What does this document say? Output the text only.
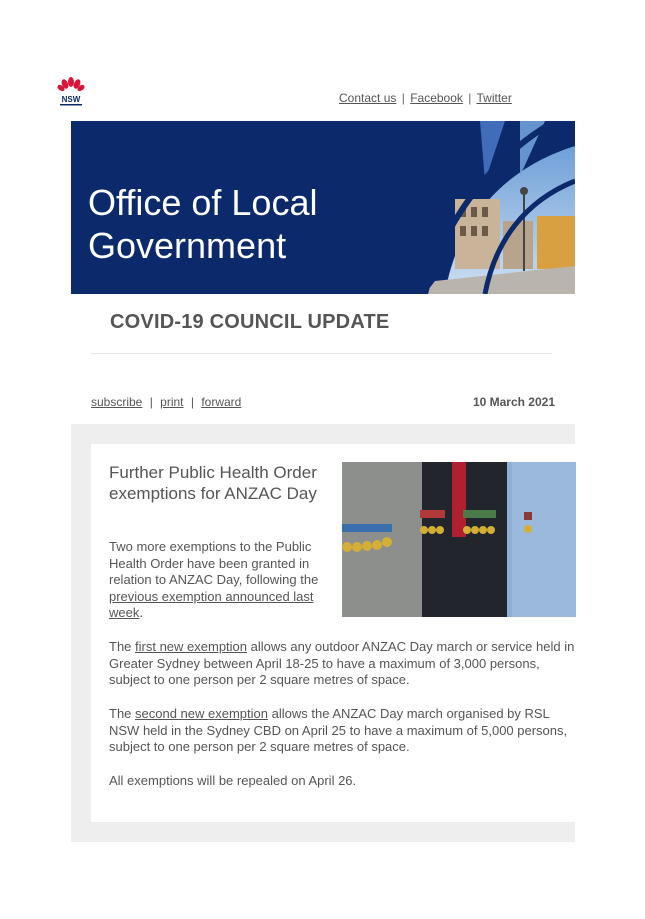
NSW	Contact us | Facebook | Twitter
Office of Local
Government
COVID-19 COUNCIL UPDATE
subscribe | print | forward	10 March 2021
Further Public Health Order exemptions for ANZAC Day
Two more exemptions to the Public Health Order have been granted in relation to ANZAC Day, following the previous exemption announced last week.
The first new exemption allows any outdoor ANZAC Day march or service held in Greater Sydney between April 18-25 to have a maximum of 3,000 persons, subject to one person per 2 square metres of space.
The second new exemption allows the ANZAC Day march organised by RSL NSW held in the Sydney CBD on April 25 to have a maximum of 5,000 persons, subject to one person per 2 square metres of space.
All exemptions will be repealed on April 26.
